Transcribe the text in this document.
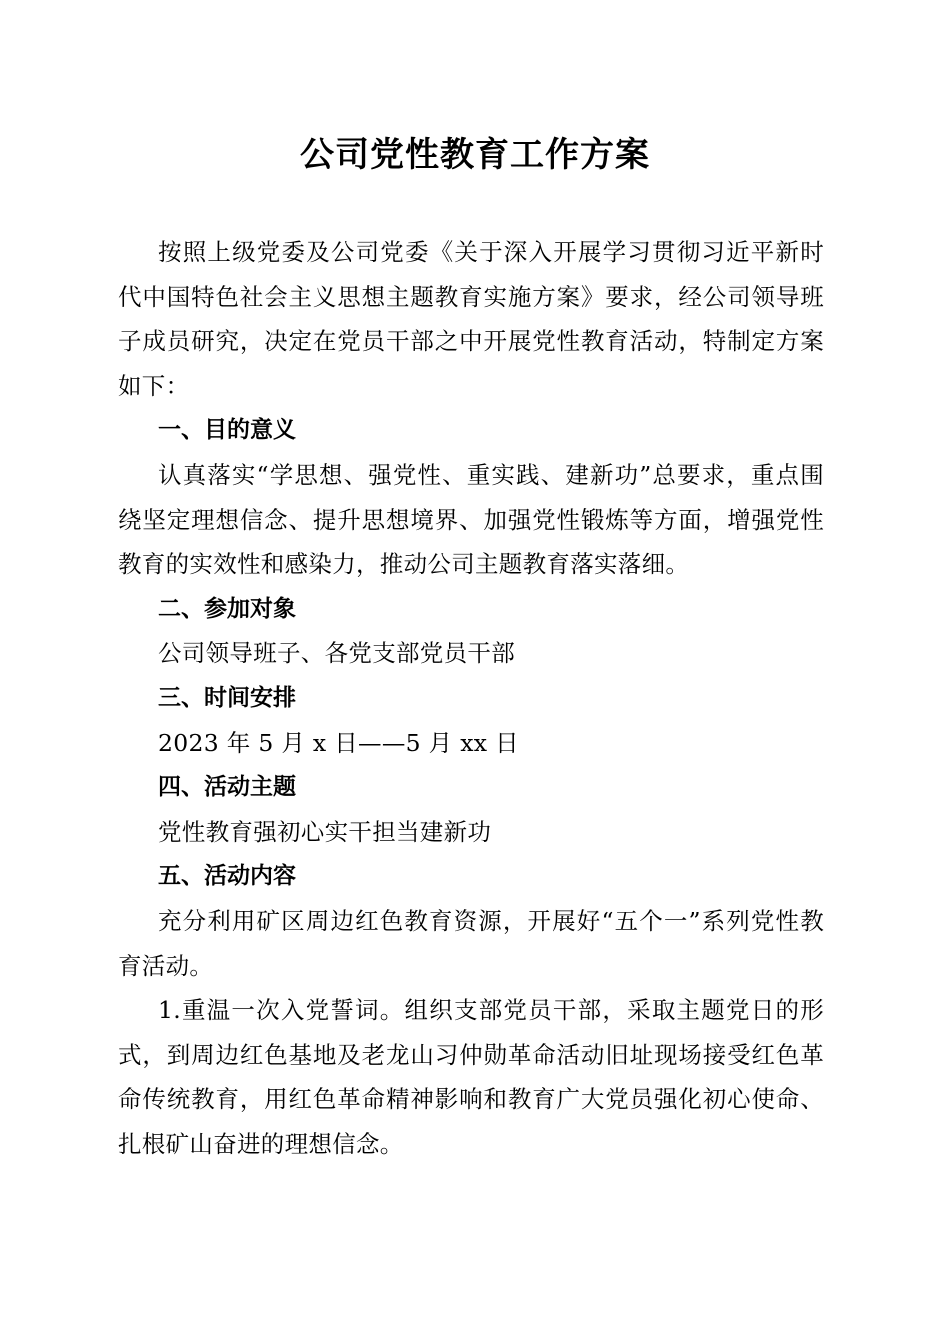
公司党性教育工作方案

按照上级党委及公司党委《关于深入开展学习贯彻习近平新时代中国特色社会主义思想主题教育实施方案》要求，经公司领导班子成员研究，决定在党员干部之中开展党性教育活动，特制定方案如下：

一、目的意义

认真落实“学思想、强党性、重实践、建新功”总要求，重点围绕坚定理想信念、提升思想境界、加强党性锻炼等方面，增强党性教育的实效性和感染力，推动公司主题教育落实落细。

二、参加对象

公司领导班子、各党支部党员干部

三、时间安排

2023 年 5 月 x 日——5 月 xx 日

四、活动主题

党性教育强初心实干担当建新功

五、活动内容

充分利用矿区周边红色教育资源，开展好“五个一”系列党性教育活动。

1.重温一次入党誓词。组织支部党员干部，采取主题党日的形式，到周边红色基地及老龙山习仲勋革命活动旧址现场接受红色革命传统教育，用红色革命精神影响和教育广大党员强化初心使命、扎根矿山奋进的理想信念。
